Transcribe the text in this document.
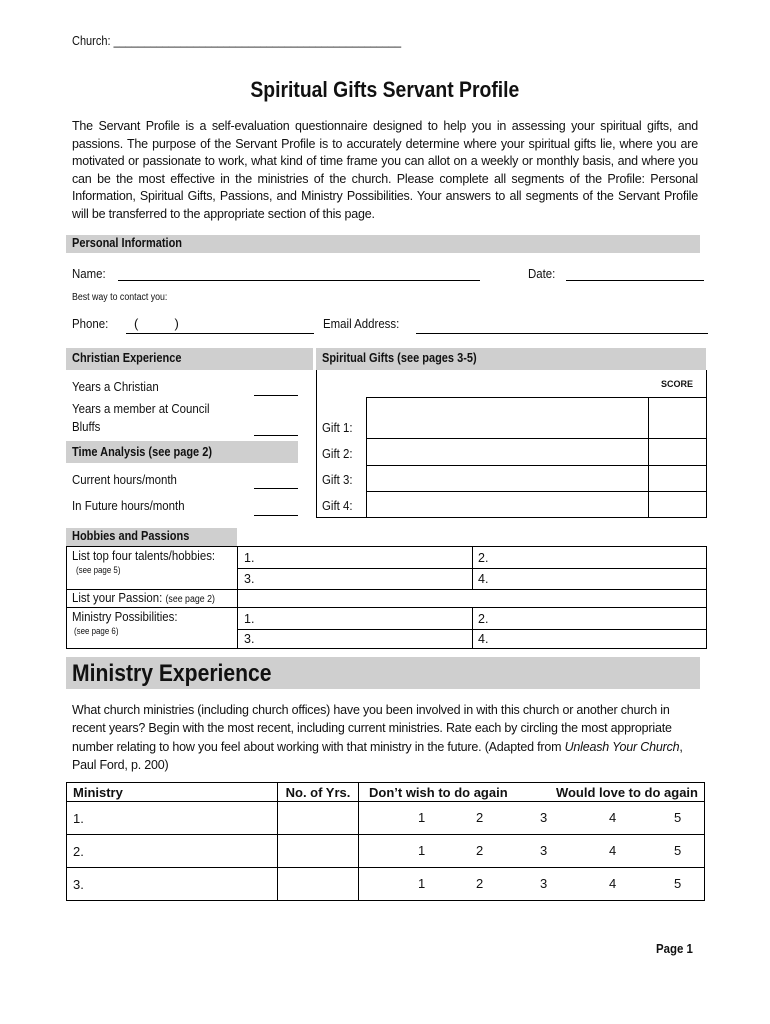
Church: _______________________________________________
Spiritual Gifts Servant Profile
The Servant Profile is a self-evaluation questionnaire designed to help you in assessing your spiritual gifts, and passions. The purpose of the Servant Profile is to accurately determine where your spiritual gifts lie, where you are motivated or passionate to work, what kind of time frame you can allot on a weekly or monthly basis, and where you can be the most effective in the ministries of the church. Please complete all segments of the Profile: Personal Information, Spiritual Gifts, Passions, and Ministry Possibilities. Your answers to all segments of the Servant Profile will be transferred to the appropriate section of this page.
Personal Information
Name:	Date:
Best way to contact you:
Phone: (          )	Email Address:
Christian Experience	Spiritual Gifts (see pages 3-5)
Years a Christian
Years a member at Council
Bluffs
Time Analysis (see page 2)
Current hours/month
In Future hours/month
SCORE
Gift 1:
Gift 2:
Gift 3:
Gift 4:
Hobbies and Passions
List top four talents/hobbies:
(see page 5)
1.	2.
3.	4.
List your Passion: (see page 2)
Ministry Possibilities:
(see page 6)
1.	2.
3.	4.
Ministry Experience
What church ministries (including church offices) have you been involved in with this church or another church in recent years? Begin with the most recent, including current ministries. Rate each by circling the most appropriate number relating to how you feel about working with that ministry in the future. (Adapted from Unleash Your Church, Paul Ford, p. 200)
Ministry	No. of Yrs.	Don’t wish to do again	Would love to do again
1.		1 2 3 4 5	

2.		1 2 3 4 5	

3.		1 2 3 4 5	
Page 1
